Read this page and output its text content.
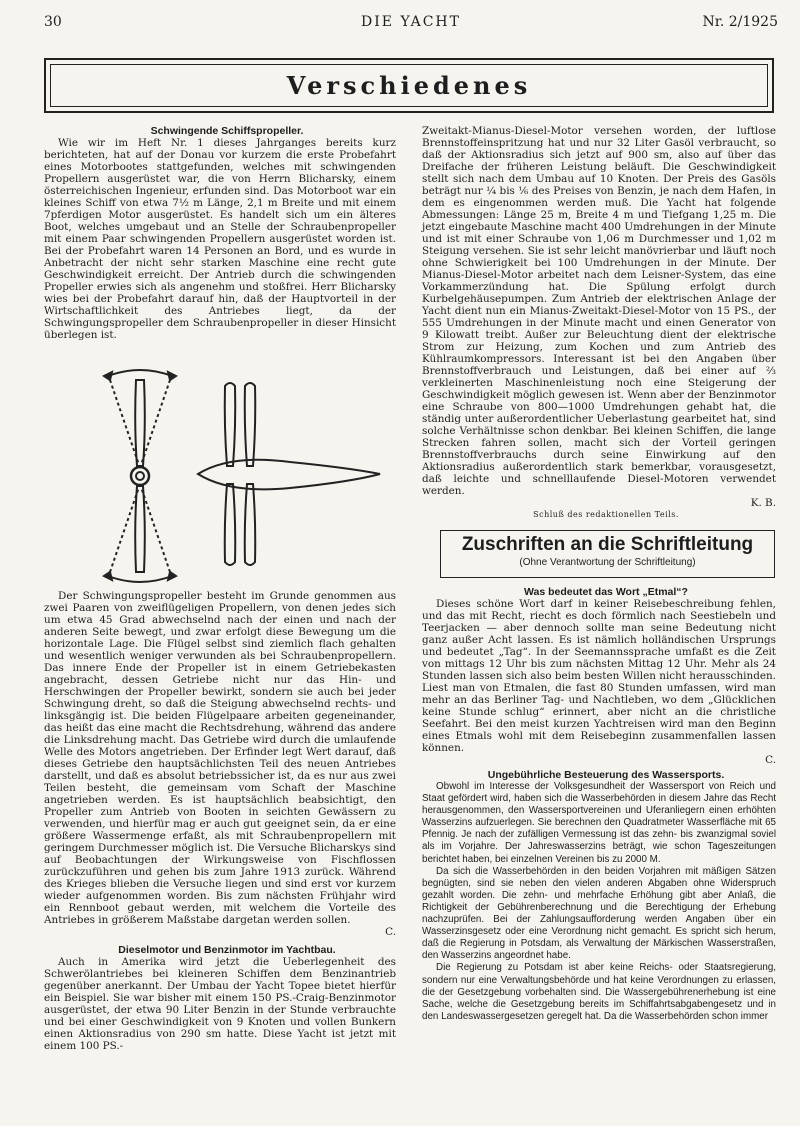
30	DIE YACHT	Nr. 2/1925
Verschiedenes

Schwingende Schiffspropeller.

Wie wir im Heft Nr. 1 dieses Jahrganges bereits kurz berichteten, hat auf der Donau vor kurzem die erste Probefahrt eines Motorbootes stattgefunden, welches mit schwingenden Propellern ausgerüstet war, die von Herrn Blicharsky, einem österreichischen Ingenieur, erfunden sind. Das Motorboot war ein kleines Schiff von etwa 7½ m Länge, 2,1 m Breite und mit einem 7pferdigen Motor ausgerüstet. Es handelt sich um ein älteres Boot, welches umgebaut und an Stelle der Schraubenpropeller mit einem Paar schwingenden Propellern ausgerüstet worden ist. Bei der Probefahrt waren 14 Personen an Bord, und es wurde in Anbetracht der nicht sehr starken Maschine eine recht gute Geschwindigkeit erreicht. Der Antrieb durch die schwingenden Propeller erwies sich als angenehm und stoßfrei. Herr Blicharsky wies bei der Probefahrt darauf hin, daß der Hauptvorteil in der Wirtschaftlichkeit des Antriebes liegt, da der Schwingungspropeller dem Schraubenpropeller in dieser Hinsicht überlegen ist.

Der Schwingungspropeller besteht im Grunde genommen aus zwei Paaren von zweiflügeligen Propellern, von denen jedes sich um etwa 45 Grad abwechselnd nach der einen und nach der anderen Seite bewegt, und zwar erfolgt diese Bewegung um die horizontale Lage. Die Flügel selbst sind ziemlich flach gehalten und wesentlich weniger verwunden als bei Schraubenpropellern. Das innere Ende der Propeller ist in einem Getriebekasten angebracht, dessen Getriebe nicht nur das Hin- und Herschwingen der Propeller bewirkt, sondern sie auch bei jeder Schwingung dreht, so daß die Steigung abwechselnd rechts- und linksgängig ist. Die beiden Flügelpaare arbeiten gegeneinander, das heißt das eine macht die Rechtsdrehung, während das andere die Linksdrehung macht. Das Getriebe wird durch die umlaufende Welle des Motors angetrieben. Der Erfinder legt Wert darauf, daß dieses Getriebe den hauptsächlichsten Teil des neuen Antriebes darstellt, und daß es absolut betriebssicher ist, da es nur aus zwei Teilen besteht, die gemeinsam vom Schaft der Maschine angetrieben werden. Es ist hauptsächlich beabsichtigt, den Propeller zum Antrieb von Booten in seichten Gewässern zu verwenden, und hierfür mag er auch gut geeignet sein, da er eine größere Wassermenge erfaßt, als mit Schraubenpropellern mit geringem Durchmesser möglich ist. Die Versuche Blicharskys sind auf Beobachtungen der Wirkungsweise von Fischflossen zurückzuführen und gehen bis zum Jahre 1913 zurück. Während des Krieges blieben die Versuche liegen und sind erst vor kurzem wieder aufgenommen worden. Bis zum nächsten Frühjahr wird ein Rennboot gebaut werden, mit welchem die Vorteile des Antriebes in größerem Maßstabe dargetan werden sollen.

C.

Dieselmotor und Benzinmotor im Yachtbau.

Auch in Amerika wird jetzt die Ueberlegenheit des Schwerölantriebes bei kleineren Schiffen dem Benzinantrieb gegenüber anerkannt. Der Umbau der Yacht Topee bietet hierfür ein Beispiel. Sie war bisher mit einem 150 PS.-Craig-Benzinmotor ausgerüstet, der etwa 90 Liter Benzin in der Stunde verbrauchte und bei einer Geschwindigkeit von 9 Knoten und vollen Bunkern einen Aktionsradius von 290 sm hatte. Diese Yacht ist jetzt mit einem 100 PS.-

Zweitakt-Mianus-Diesel-Motor versehen worden, der luftlose Brennstoffeinspritzung hat und nur 32 Liter Gasöl verbraucht, so daß der Aktionsradius sich jetzt auf 900 sm, also auf über das Dreifache der früheren Leistung beläuft. Die Geschwindigkeit stellt sich nach dem Umbau auf 10 Knoten. Der Preis des Gasöls beträgt nur ¼ bis ⅙ des Preises von Benzin, je nach dem Hafen, in dem es eingenommen werden muß. Die Yacht hat folgende Abmessungen: Länge 25 m, Breite 4 m und Tiefgang 1,25 m. Die jetzt eingebaute Maschine macht 400 Umdrehungen in der Minute und ist mit einer Schraube von 1,06 m Durchmesser und 1,02 m Steigung versehen. Sie ist sehr leicht manövrierbar und läuft noch ohne Schwierigkeit bei 100 Umdrehungen in der Minute. Der Mianus-Diesel-Motor arbeitet nach dem Leisner-System, das eine Vorkammerzündung hat. Die Spülung erfolgt durch Kurbelgehäusepumpen. Zum Antrieb der elektrischen Anlage der Yacht dient nun ein Mianus-Zweitakt-Diesel-Motor von 15 PS., der 555 Umdrehungen in der Minute macht und einen Generator von 9 Kilowatt treibt. Außer zur Beleuchtung dient der elektrische Strom zur Heizung, zum Kochen und zum Antrieb des Kühlraumkompressors. Interessant ist bei den Angaben über Brennstoffverbrauch und Leistungen, daß bei einer auf ⅔ verkleinerten Maschinenleistung noch eine Steigerung der Geschwindigkeit möglich gewesen ist. Wenn aber der Benzinmotor eine Schraube von 800—1000 Umdrehungen gehabt hat, die ständig unter außerordentlicher Ueberlastung gearbeitet hat, sind solche Verhältnisse schon denkbar. Bei kleinen Schiffen, die lange Strecken fahren sollen, macht sich der Vorteil geringen Brennstoffverbrauchs durch seine Einwirkung auf den Aktionsradius außerordentlich stark bemerkbar, vorausgesetzt, daß leichte und schnelllaufende Diesel-Motoren verwendet werden.

K. B.

Schluß des redaktionellen Teils.

Zuschriften an die Schriftleitung
(Ohne Verantwortung der Schriftleitung)

Was bedeutet das Wort „Etmal“?

Dieses schöne Wort darf in keiner Reisebeschreibung fehlen, und das mit Recht, riecht es doch förmlich nach Seestiebeln und Teerjacken — aber dennoch sollte man seine Bedeutung nicht ganz außer Acht lassen. Es ist nämlich holländischen Ursprungs und bedeutet „Tag“. In der Seemannssprache umfaßt es die Zeit von mittags 12 Uhr bis zum nächsten Mittag 12 Uhr. Mehr als 24 Stunden lassen sich also beim besten Willen nicht herausschinden. Liest man von Etmalen, die fast 80 Stunden umfassen, wird man mehr an das Berliner Tag- und Nachtleben, wo dem „Glücklichen keine Stunde schlug“ erinnert, aber nicht an die christliche Seefahrt. Bei den meist kurzen Yachtreisen wird man den Beginn eines Etmals wohl mit dem Reisebeginn zusammenfallen lassen können.

C.

Ungebührliche Besteuerung des Wassersports.

Obwohl im Interesse der Volksgesundheit der Wassersport von Reich und Staat gefördert wird, haben sich die Wasserbehörden in diesem Jahre das Recht herausgenommen, den Wassersportvereinen und Uferanliegern einen erhöhten Wasserzins aufzuerlegen. Sie berechnen den Quadratmeter Wasserfläche mit 65 Pfennig. Je nach der zufälligen Vermessung ist das zehn- bis zwanzigmal soviel als im Vorjahre. Der Jahreswasserzins beträgt, wie schon Tageszeitungen berichtet haben, bei einzelnen Vereinen bis zu 2000 M.

Da sich die Wasserbehörden in den beiden Vorjahren mit mäßigen Sätzen begnügten, sind sie neben den vielen anderen Abgaben ohne Widerspruch gezahlt worden. Die zehn- und mehrfache Erhöhung gibt aber Anlaß, die Richtigkeit der Gebührenberechnung und die Berechtigung der Erhebung nachzuprüfen. Bei der Zahlungsaufforderung werden Angaben über ein Wasserzinsgesetz oder eine Verordnung nicht gemacht. Es spricht sich herum, daß die Regierung in Potsdam, als Verwaltung der Märkischen Wasserstraßen, den Wasserzins angeordnet habe.

Die Regierung zu Potsdam ist aber keine Reichs- oder Staatsregierung, sondern nur eine Verwaltungsbehörde und hat keine Verordnungen zu erlassen, die der Gesetzgebung vorbehalten sind. Die Wassergebührenerhebung ist eine Sache, welche die Gesetzgebung bereits im Schiffahrtsabgabengesetz und in den Landeswassergesetzen geregelt hat. Da die Wasserbehörden schon immer
